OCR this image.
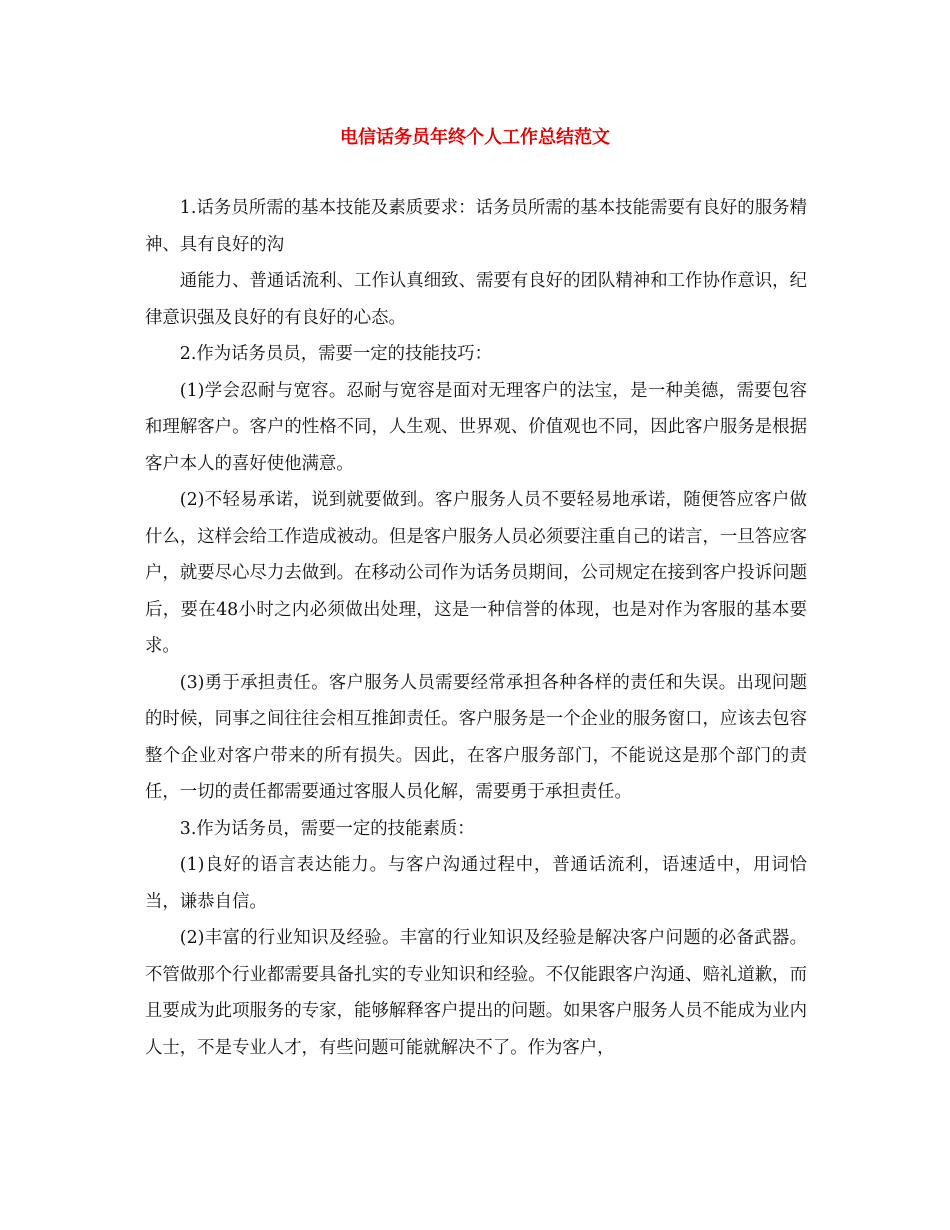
电信话务员年终个人工作总结范文

1.话务员所需的基本技能及素质要求：话务员所需的基本技能需要有良好的服务精神、具有良好的沟

通能力、普通话流利、工作认真细致、需要有良好的团队精神和工作协作意识，纪律意识强及良好的有良好的心态。

2.作为话务员员，需要一定的技能技巧：

(1)学会忍耐与宽容。忍耐与宽容是面对无理客户的法宝，是一种美德，需要包容和理解客户。客户的性格不同，人生观、世界观、价值观也不同，因此客户服务是根据客户本人的喜好使他满意。

(2)不轻易承诺，说到就要做到。客户服务人员不要轻易地承诺，随便答应客户做什么，这样会给工作造成被动。但是客户服务人员必须要注重自己的诺言，一旦答应客户，就要尽心尽力去做到。在移动公司作为话务员期间，公司规定在接到客户投诉问题后，要在48小时之内必须做出处理，这是一种信誉的体现，也是对作为客服的基本要求。

(3)勇于承担责任。客户服务人员需要经常承担各种各样的责任和失误。出现问题的时候，同事之间往往会相互推卸责任。客户服务是一个企业的服务窗口，应该去包容整个企业对客户带来的所有损失。因此，在客户服务部门，不能说这是那个部门的责任，一切的责任都需要通过客服人员化解，需要勇于承担责任。

3.作为话务员，需要一定的技能素质：

(1)良好的语言表达能力。与客户沟通过程中，普通话流利，语速适中，用词恰当，谦恭自信。

(2)丰富的行业知识及经验。丰富的行业知识及经验是解决客户问题的必备武器。不管做那个行业都需要具备扎实的专业知识和经验。不仅能跟客户沟通、赔礼道歉，而且要成为此项服务的专家，能够解释客户提出的问题。如果客户服务人员不能成为业内人士，不是专业人才，有些问题可能就解决不了。作为客户，
